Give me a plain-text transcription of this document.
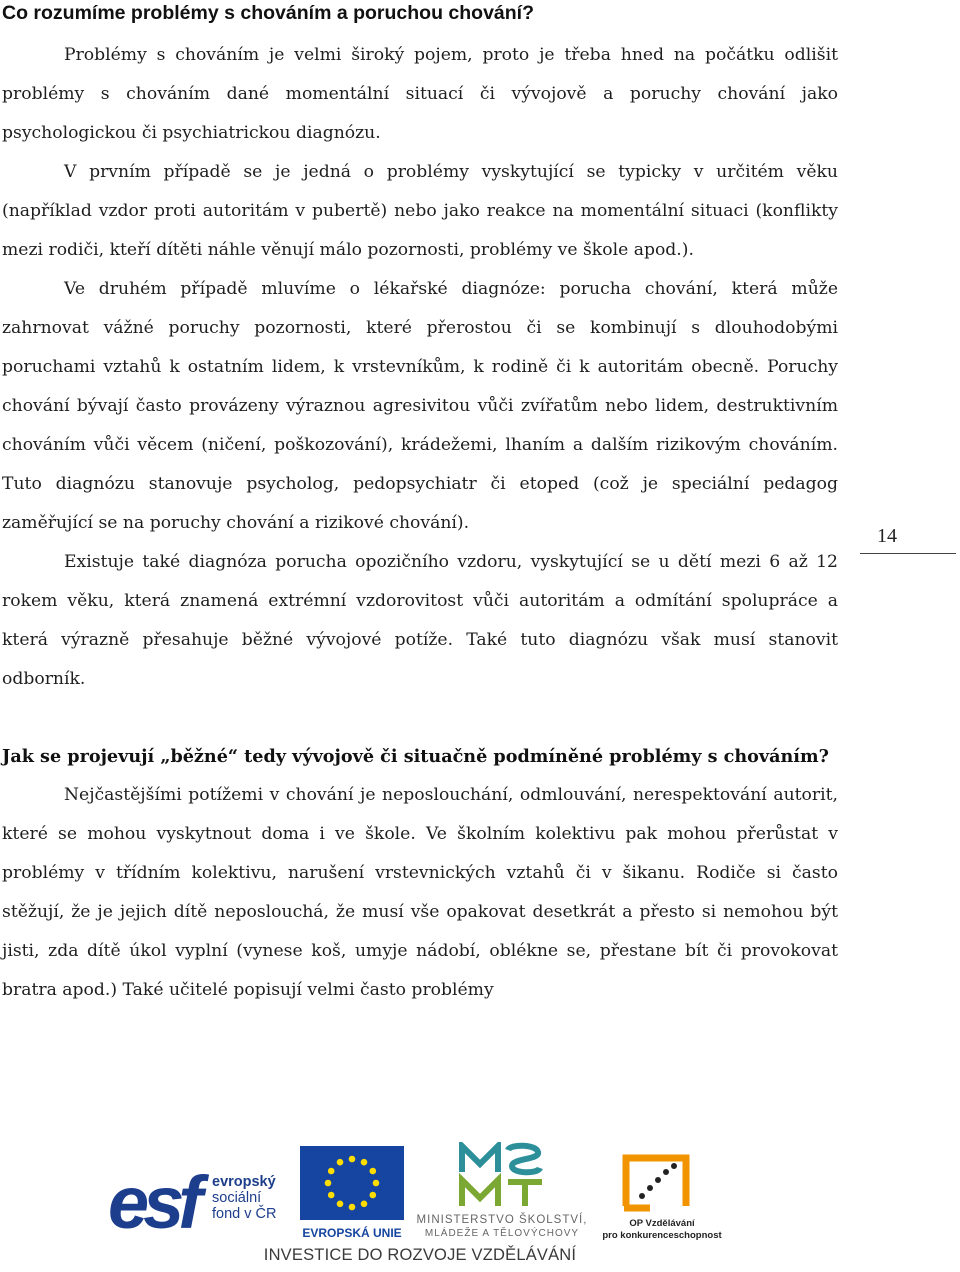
Co rozumíme problémy s chováním a poruchou chování?

Problémy s chováním je velmi široký pojem, proto je třeba hned na počátku odlišit problémy s chováním dané momentální situací či vývojově a poruchy chování jako psychologickou či psychiatrickou diagnózu.

V prvním případě se je jedná o problémy vyskytující se typicky v určitém věku (například vzdor proti autoritám v pubertě) nebo jako reakce na momentální situaci (konflikty mezi rodiči, kteří dítěti náhle věnují málo pozornosti, problémy ve škole apod.).

Ve druhém případě mluvíme o lékařské diagnóze: porucha chování, která může zahrnovat vážné poruchy pozornosti, které přerostou či se kombinují s dlouhodobými poruchami vztahů k ostatním lidem, k vrstevníkům, k rodině či k autoritám obecně. Poruchy chování bývají často provázeny výraznou agresivitou vůči zvířatům nebo lidem, destruktivním chováním vůči věcem (ničení, poškozování), krádežemi, lhaním a dalším rizikovým chováním. Tuto diagnózu stanovuje psycholog, pedopsychiatr či etoped (což je speciální pedagog zaměřující se na poruchy chování a rizikové chování).

Existuje také diagnóza porucha opozičního vzdoru, vyskytující se u dětí mezi 6 až 12 rokem věku, která znamená extrémní vzdorovitost vůči autoritám a odmítání spolupráce a která výrazně přesahuje běžné vývojové potíže. Také tuto diagnózu však musí stanovit odborník.

Jak se projevují „běžné“ tedy vývojově či situačně podmíněné problémy s chováním?

Nejčastějšími potížemi v chování je neposlouchání, odmlouvání, nerespektování autorit, které se mohou vyskytnout doma i ve škole. Ve školním kolektivu pak mohou přerůstat v problémy v třídním kolektivu, narušení vrstevnických vztahů či v šikanu. Rodiče si často stěžují, že je jejich dítě neposlouchá, že musí vše opakovat desetkrát a přesto si nemohou být jisti, zda dítě úkol vyplní (vynese koš, umyje nádobí, oblékne se, přestane bít či provokovat bratra apod.) Také učitelé popisují velmi často problémy

14
esf	evropský
sociální
fond v ČR
EVROPSKÁ UNIE
MINISTERSTVO ŠKOLSTVÍ,
MLÁDEŽE A TĚLOVÝCHOVY
OP Vzdělávání
pro konkurenceschopnost
INVESTICE DO ROZVOJE VZDĚLÁVÁNÍ
